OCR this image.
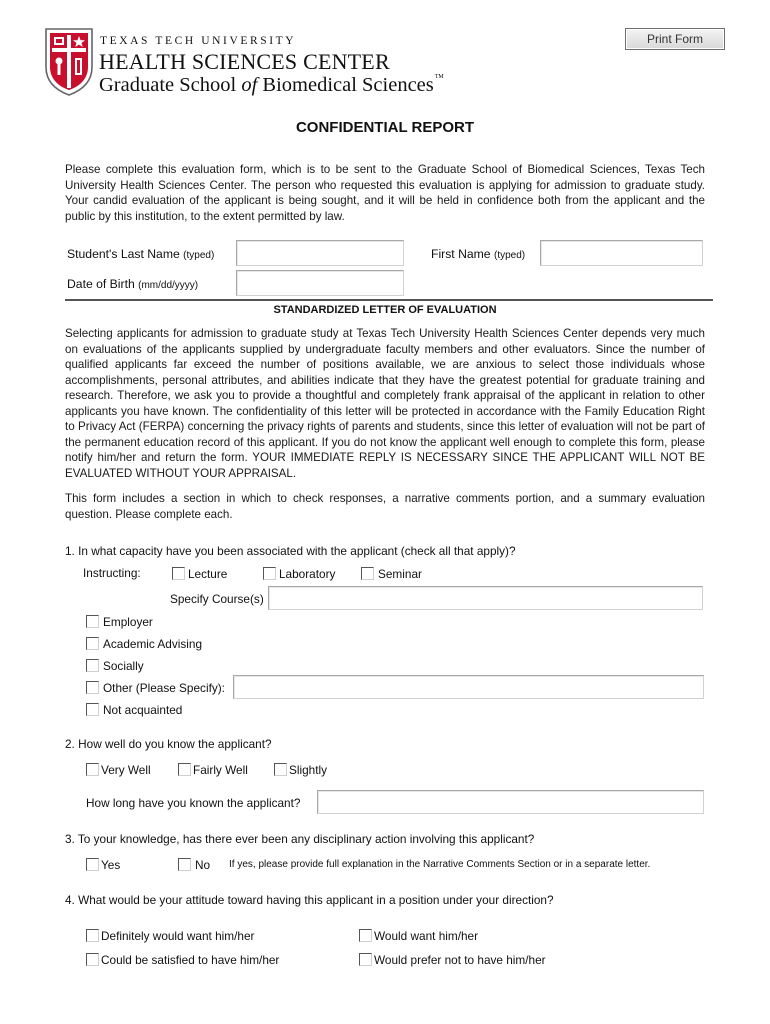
Print Form
TEXAS TECH UNIVERSITY
HEALTH SCIENCES CENTER
Graduate School of Biomedical Sciences™
CONFIDENTIAL REPORT
Please complete this evaluation form, which is to be sent to the Graduate School of Biomedical Sciences, Texas Tech University Health Sciences Center. The person who requested this evaluation is applying for admission to graduate study. Your candid evaluation of the applicant is being sought, and it will be held in confidence both from the applicant and the public by this institution, to the extent permitted by law.
Student's Last Name (typed)	First Name (typed)
Date of Birth (mm/dd/yyyy)
STANDARDIZED LETTER OF EVALUATION
Selecting applicants for admission to graduate study at Texas Tech University Health Sciences Center depends very much on evaluations of the applicants supplied by undergraduate faculty members and other evaluators. Since the number of qualified applicants far exceed the number of positions available, we are anxious to select those individuals whose accomplishments, personal attributes, and abilities indicate that they have the greatest potential for graduate training and research. Therefore, we ask you to provide a thoughtful and completely frank appraisal of the applicant in relation to other applicants you have known. The confidentiality of this letter will be protected in accordance with the Family Education Right to Privacy Act (FERPA) concerning the privacy rights of parents and students, since this letter of evaluation will not be part of the permanent education record of this applicant. If you do not know the applicant well enough to complete this form, please notify him/her and return the form. YOUR IMMEDIATE REPLY IS NECESSARY SINCE THE APPLICANT WILL NOT BE EVALUATED WITHOUT YOUR APPRAISAL.
This form includes a section in which to check responses, a narrative comments portion, and a summary evaluation question. Please complete each.
1. In what capacity have you been associated with the applicant (check all that apply)?
Instructing:	Lecture	Laboratory	Seminar
Specify Course(s)
Employer
Academic Advising
Socially
Other (Please Specify):
Not acquainted
2. How well do you know the applicant?
Very Well	Fairly Well	Slightly
How long have you known the applicant?
3. To your knowledge, has there ever been any disciplinary action involving this applicant?
Yes	No If yes, please provide full explanation in the Narrative Comments Section or in a separate letter.
4. What would be your attitude toward having this applicant in a position under your direction?
Definitely would want him/her	Would want him/her
Could be satisfied to have him/her	Would prefer not to have him/her
